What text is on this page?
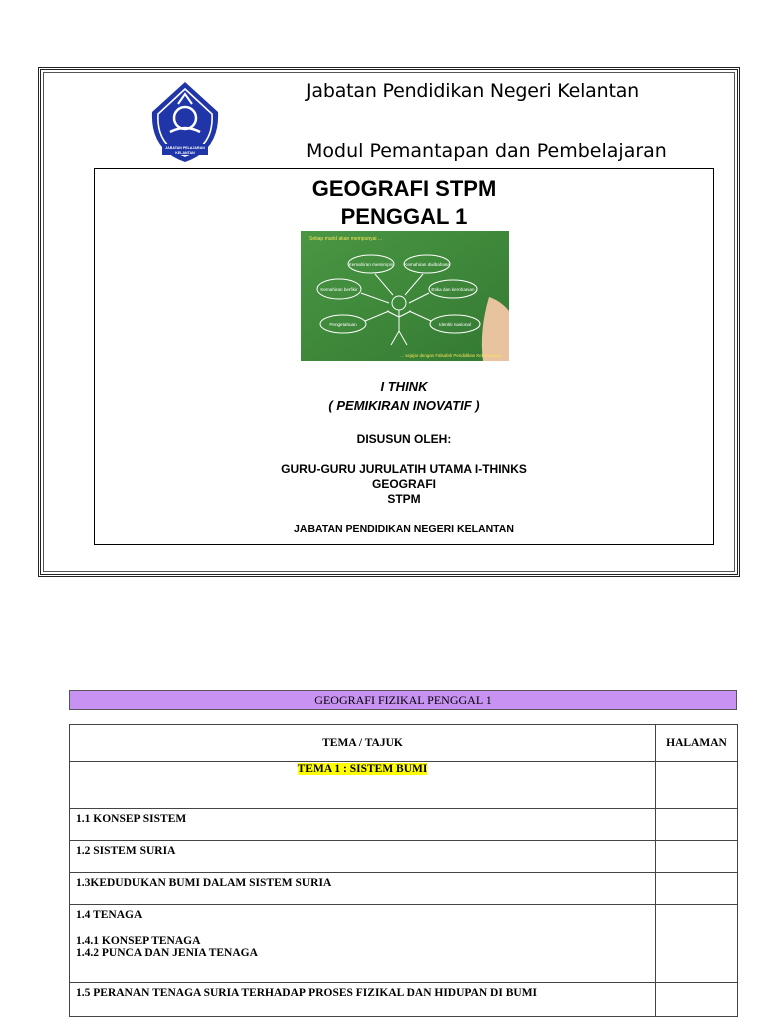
JABATAN PELAJARAN
KELANTAN
Jabatan Pendidikan Negeri Kelantan
Modul Pemantapan dan Pembelajaran
GEOGRAFI STPM
PENGGAL 1
Setiap murid akan mempunyai ...
Kemahiran memimpin Kemahiran dwibahasa
Kemahiran berfikir	Etika dan kerohanian
Pengetahuan	Identiti nasional
... sejajar dengan Falsafah Pendidikan Kebangsaan
I THINK
( PEMIKIRAN INOVATIF )
DISUSUN OLEH:
GURU-GURU JURULATIH UTAMA I-THINKS
GEOGRAFI
STPM
JABATAN PENDIDIKAN NEGERI KELANTAN
GEOGRAFI FIZIKAL PENGGAL 1
TEMA / TAJUK	HALAMAN
TEMA 1 : SISTEM BUMI	
1.1 KONSEP SISTEM	
1.2 SISTEM SURIA	
1.3KEDUDUKAN BUMI DALAM SISTEM SURIA	

1.4 TENAGA
1.4.1 KONSEP TENAGA
1.4.2 PUNCA DAN JENIA TENAGA	

1.5 PERANAN TENAGA SURIA TERHADAP PROSES FIZIKAL DAN HIDUPAN DI BUMI	
